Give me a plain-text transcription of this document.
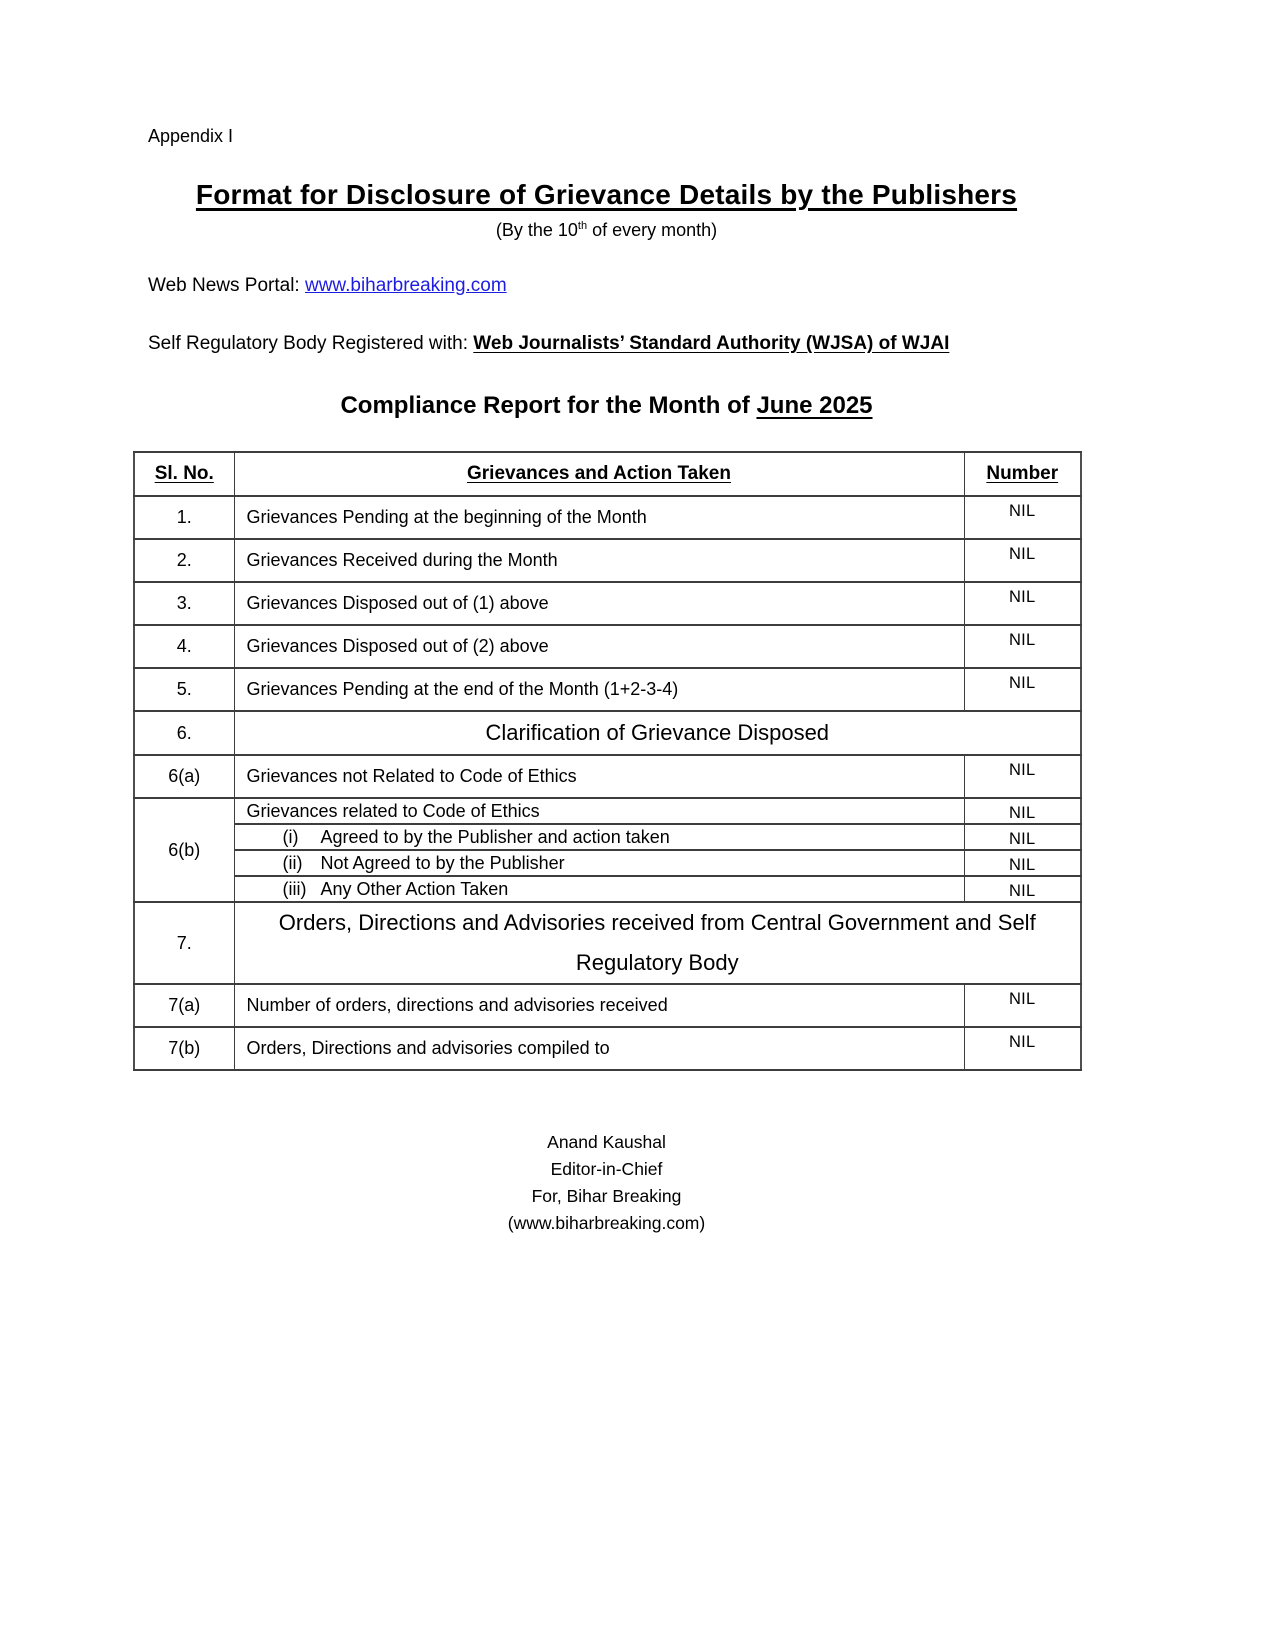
Appendix I

Format for Disclosure of Grievance Details by the Publishers

(By the 10th of every month)

Web News Portal: www.biharbreaking.com

Self Regulatory Body Registered with: Web Journalists’ Standard Authority (WJSA) of WJAI

Compliance Report for the Month of June 2025
Sl. No.	Grievances and Action Taken	Number
1.	Grievances Pending at the beginning of the Month	NIL
2.	Grievances Received during the Month	NIL
3.	Grievances Disposed out of (1) above	NIL
4.	Grievances Disposed out of (2) above	NIL
5.	Grievances Pending at the end of the Month (1+2-3-4)	NIL
6.	Clarification of Grievance Disposed	
6(a)	Grievances not Related to Code of Ethics	NIL
6(b)	Grievances related to Code of Ethics	NIL
	(i) Agreed to by the Publisher and action taken	NIL
	(ii) Not Agreed to by the Publisher	NIL
	(iii) Any Other Action Taken	NIL
7.	Orders, Directions and Advisories received from Central Government and Self Regulatory Body	
7(a)	Number of orders, directions and advisories received	NIL
7(b)	Orders, Directions and advisories compiled to	NIL

Anand Kaushal

Editor-in-Chief

For, Bihar Breaking

(www.biharbreaking.com)
